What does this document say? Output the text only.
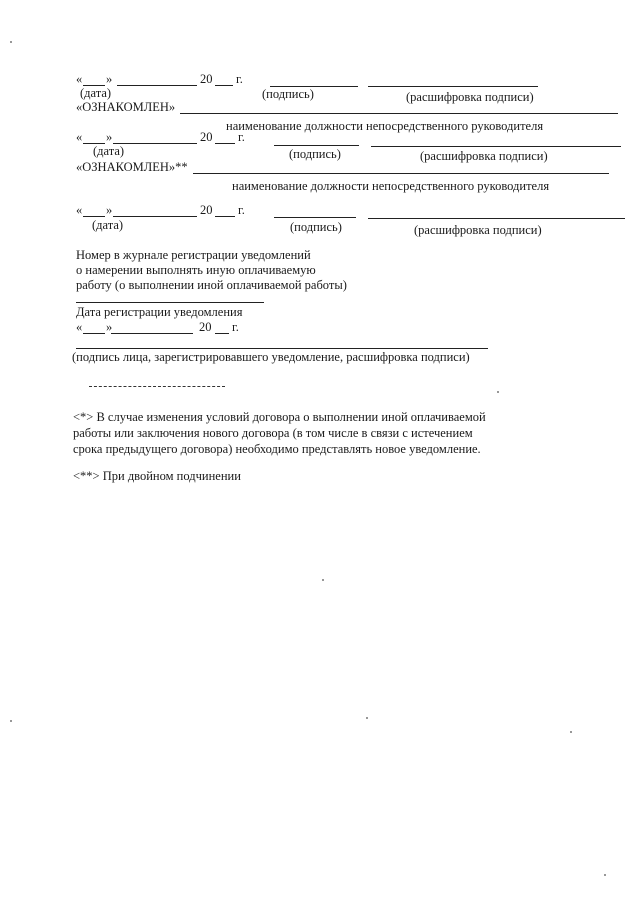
« »	20 г.
(дата)	(подпись)	(расшифровка подписи)
«ОЗНАКОМЛЕН»
наименование должности непосредственного руководителя
« »	20 г.
(дата)	(подпись)	(расшифровка подписи)
«ОЗНАКОМЛЕН»**
наименование должности непосредственного руководителя
« »	20 г.
(дата)	(подпись)	(расшифровка подписи)
Номер в журнале регистрации уведомлений
о намерении выполнять иную оплачиваемую
работу (о выполнении иной оплачиваемой работы)
Дата регистрации уведомления
« »	20 г.
(подпись лица, зарегистрировавшего уведомление, расшифровка подписи)
<*> В случае изменения условий договора о выполнении иной оплачиваемой
работы или заключения нового договора (в том числе в связи с истечением
срока предыдущего договора) необходимо представлять новое уведомление.
<**> При двойном подчинении
